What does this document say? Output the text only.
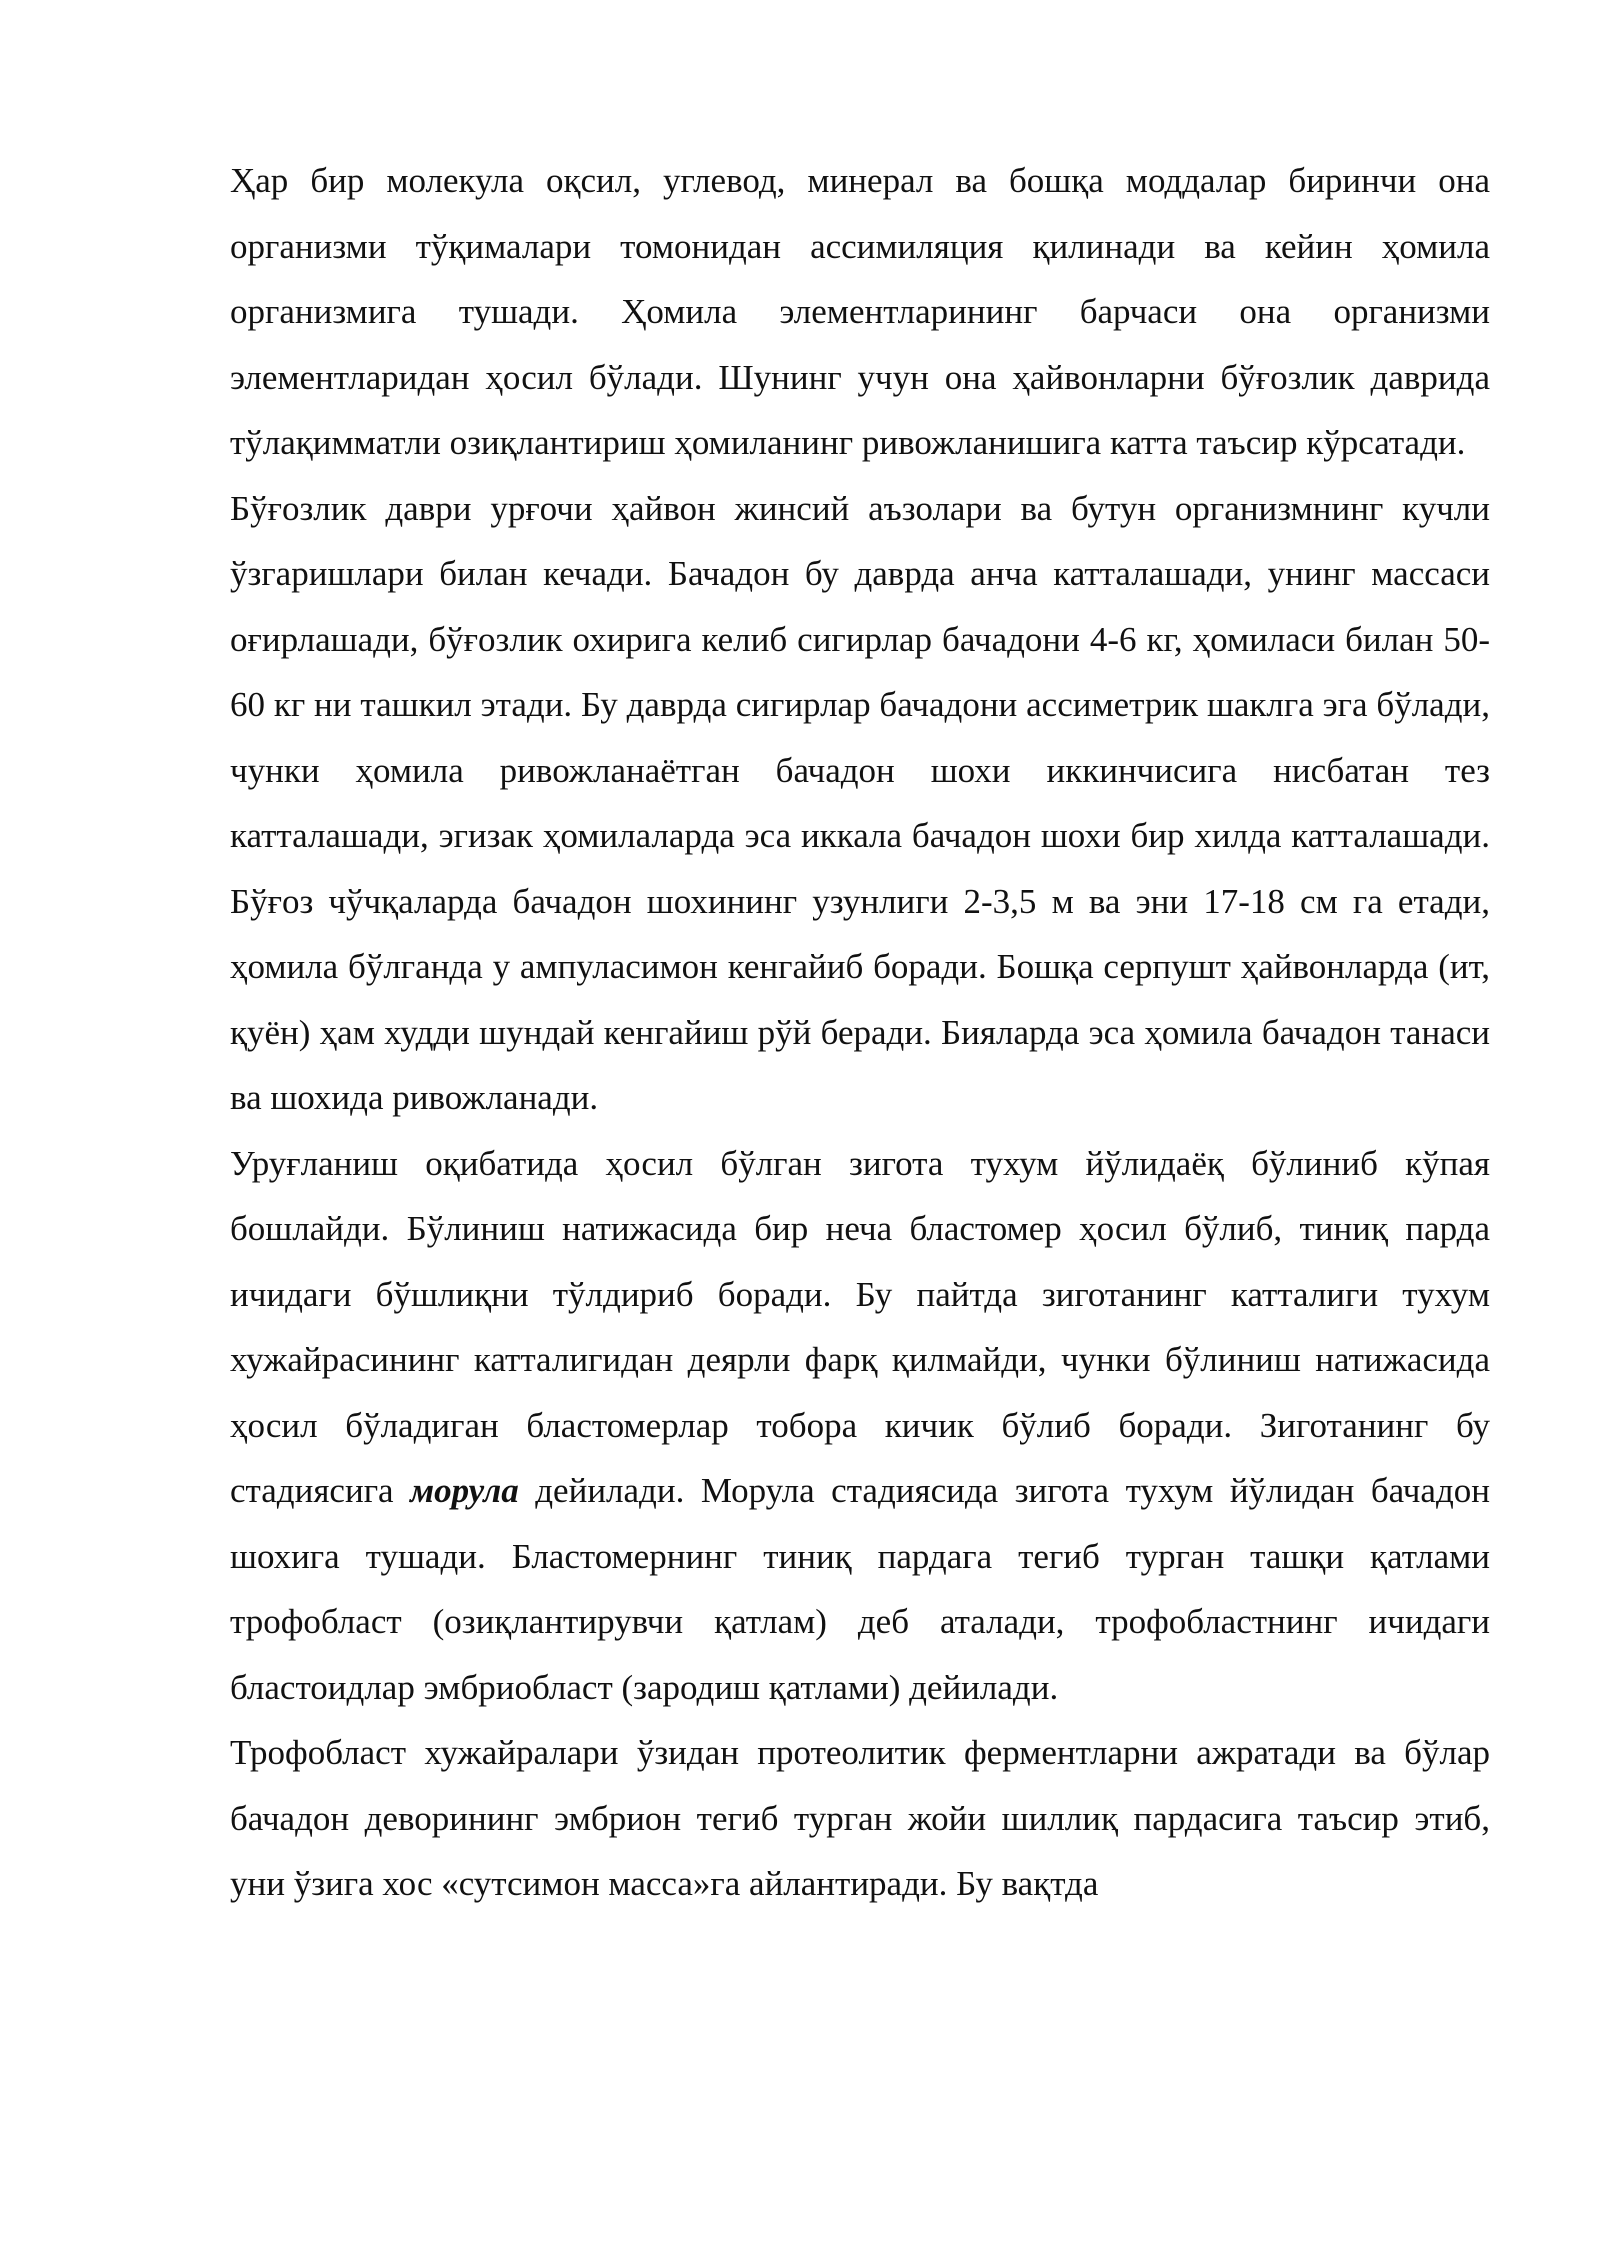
Ҳар бир молекула оқсил, углевод, минерал ва бошқа моддалар биринчи она организми тўқималари томонидан ассимиляция қилинади ва кейин ҳомила организмига тушади. Ҳомила элементларининг барчаси она организми элементларидан ҳосил бўлади. Шунинг учун она ҳайвонларни бўғозлик даврида тўлақимматли озиқлантириш ҳомиланинг ривожланишига катта таъсир кўрсатади.

Бўғозлик даври урғочи ҳайвон жинсий аъзолари ва бутун организмнинг кучли ўзгаришлари билан кечади. Бачадон бу даврда анча катталашади, унинг массаси оғирлашади, бўғозлик охирига келиб сигирлар бачадони 4-6 кг, ҳомиласи билан 50-60 кг ни ташкил этади. Бу даврда сигирлар бачадони ассиметрик шаклга эга бўлади, чунки ҳомила ривожланаётган бачадон шохи иккинчисига нисбатан тез катталашади, эгизак ҳомилаларда эса иккала бачадон шохи бир хилда катталашади. Бўғоз чўчқаларда бачадон шохининг узунлиги 2-3,5 м ва эни 17-18 см га етади, ҳомила бўлганда у ампуласимон кенгайиб боради. Бошқа серпушт ҳайвонларда (ит, қуён) ҳам худди шундай кенгайиш рўй беради. Бияларда эса ҳомила бачадон танаси ва шохида ривожланади.

Уруғланиш оқибатида ҳосил бўлган зигота тухум йўлидаёқ бўлиниб кўпая бошлайди. Бўлиниш натижасида бир неча бластомер ҳосил бўлиб, тиниқ парда ичидаги бўшлиқни тўлдириб боради. Бу пайтда зиготанинг катталиги тухум хужайрасининг катталигидан деярли фарқ қилмайди, чунки бўлиниш натижасида ҳосил бўладиган бластомерлар тобора кичик бўлиб боради. Зиготанинг бу стадиясига морула дейилади. Морула стадиясида зигота тухум йўлидан бачадон шохига тушади. Бластомернинг тиниқ пардага тегиб турган ташқи қатлами трофобласт (озиқлантирувчи қатлам) деб аталади, трофобластнинг ичидаги бластоидлар эмбриобласт (зародиш қатлами) дейилади.

Трофобласт хужайралари ўзидан протеолитик ферментларни ажратади ва бўлар бачадон деворининг эмбрион тегиб турган жойи шиллиқ пардасига таъсир этиб, уни ўзига хос «сутсимон масса»га айлантиради. Бу вақтда
